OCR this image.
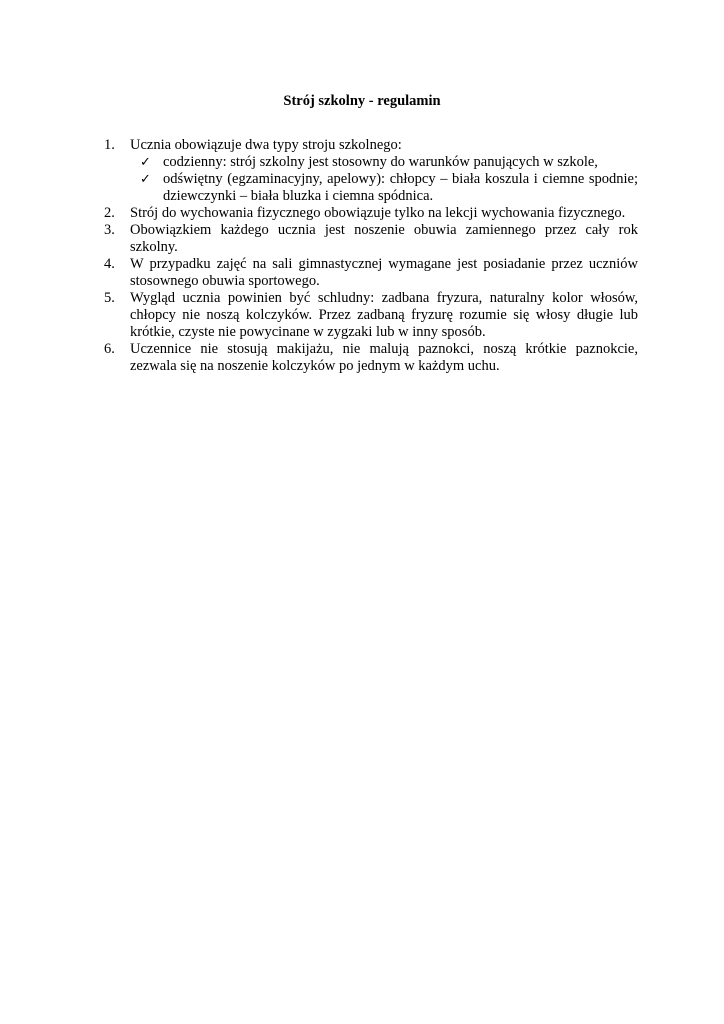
Strój szkolny - regulamin
1.	Ucznia obowiązuje dwa typy stroju szkolnego:
✓ codzienny: strój szkolny jest stosowny do warunków panujących w szkole,
✓ odświętny (egzaminacyjny, apelowy): chłopcy – biała koszula i ciemne spodnie; dziewczynki – biała bluzka i ciemna spódnica.
2.	Strój do wychowania fizycznego obowiązuje tylko na lekcji wychowania fizycznego.
3.	Obowiązkiem każdego ucznia jest noszenie obuwia zamiennego przez cały rok szkolny.
4.	W przypadku zajęć na sali gimnastycznej wymagane jest posiadanie przez uczniów stosownego obuwia sportowego.
5.	Wygląd ucznia powinien być schludny: zadbana fryzura, naturalny kolor włosów, chłopcy nie noszą kolczyków. Przez zadbaną fryzurę rozumie się włosy długie lub krótkie, czyste nie powycinane w zygzaki lub w inny sposób.
6.	Uczennice nie stosują makijażu, nie malują paznokci, noszą krótkie paznokcie, zezwala się na noszenie kolczyków po jednym w każdym uchu.
